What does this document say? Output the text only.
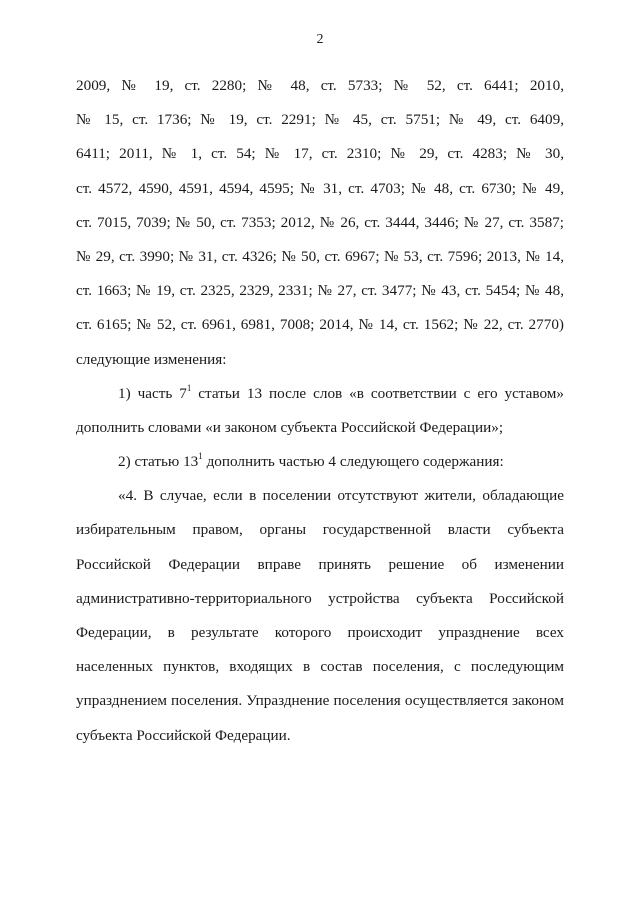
2
2009, № 19, ст. 2280; № 48, ст. 5733; № 52, ст. 6441; 2010,
№ 15, ст. 1736; № 19, ст. 2291; № 45, ст. 5751; № 49, ст. 6409,
6411; 2011, № 1, ст. 54; № 17, ст. 2310; № 29, ст. 4283; № 30,
ст. 4572, 4590, 4591, 4594, 4595; № 31, ст. 4703; № 48, ст. 6730; № 49,
ст. 7015, 7039; № 50, ст. 7353; 2012, № 26, ст. 3444, 3446; № 27, ст. 3587;
№ 29, ст. 3990; № 31, ст. 4326; № 50, ст. 6967; № 53, ст. 7596; 2013, № 14,
ст. 1663; № 19, ст. 2325, 2329, 2331; № 27, ст. 3477; № 43, ст. 5454; № 48,
ст. 6165; № 52, ст. 6961, 6981, 7008; 2014, № 14, ст. 1562; № 22, ст. 2770)
следующие изменения:
1) часть $7^1$ статьи 13 после слов «в соответствии с его уставом»
дополнить словами «и законом субъекта Российской Федерации»;
2) статью $13^1$ дополнить частью 4 следующего содержания:
«4. В случае, если в поселении отсутствуют жители, обладающие
избирательным правом, органы государственной власти субъекта
Российской Федерации вправе принять решение об изменении
административно-территориального устройства субъекта Российской
Федерации, в результате которого происходит упразднение всех
населенных пунктов, входящих в состав поселения, с последующим
упразднением поселения. Упразднение поселения осуществляется законом
субъекта Российской Федерации.
